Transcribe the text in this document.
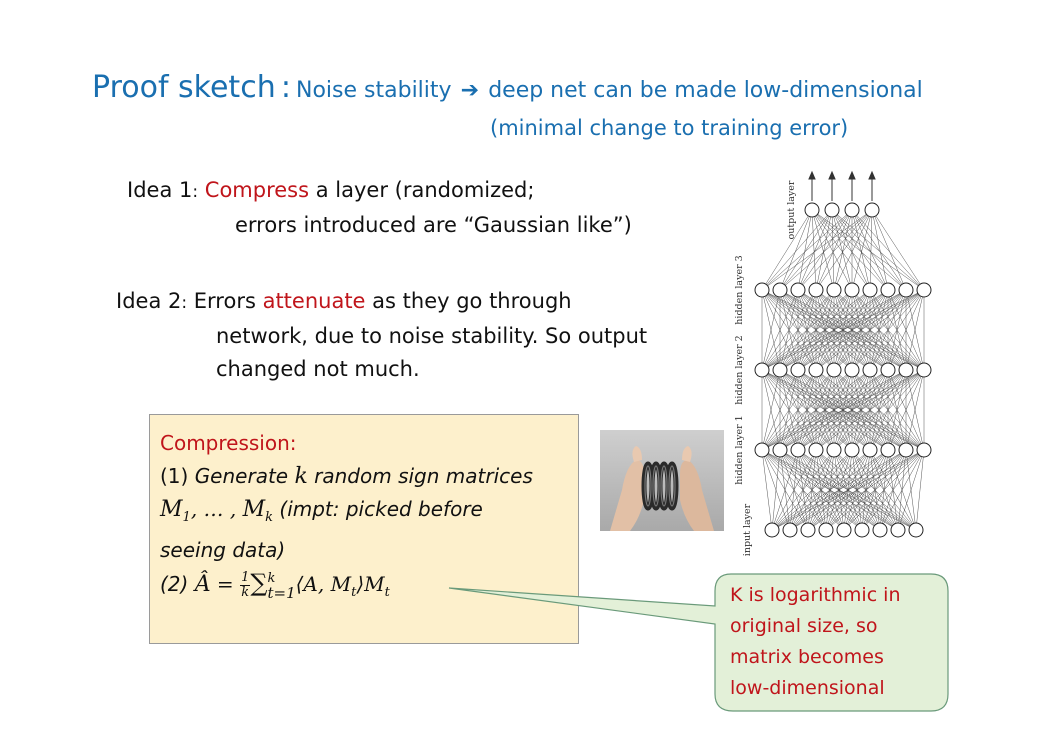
Proof sketch : Noise stability ➔ deep net can be made low-dimensional
(minimal change to training error)
Idea 1: Compress a layer (randomized;
errors introduced are “Gaussian like”)
Idea 2: Errors attenuate as they go through
network, due to noise stability. So output
changed not much.
Compression:
(1) Generate k random sign matrices
$M_1$, … , $M_k$ (impt: picked before
seeing data)
(2) Â = $\frac{1}{k}$ ∑ k
t=1 ⟨A, $M_t⟩M_t$
output layer
hidden layer 3
hidden layer 2
hidden layer 1
input layer
K is logarithmic in
original size, so
matrix becomes
low-dimensional
